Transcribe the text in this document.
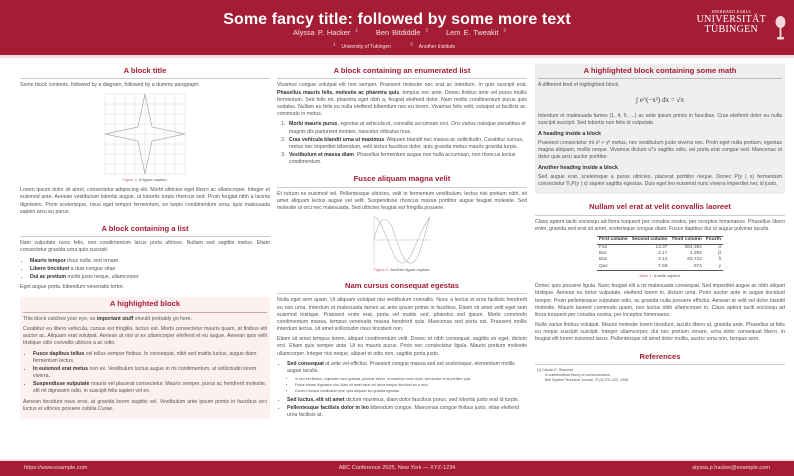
Some fancy title: followed by some more text
Alyssa P. Hacker $^1$ Ben Bitdiddle $^2$ Lem E. Tweakit $^2$
$^1$University of Tubingen $^2$Another Institute
EBERHARD KARLS
UNIVERSITÄT
TÜBINGEN
A block title

Some block contents, followed by a diagram, followed by a dummy paragraph.

Figure 1. A figure caption.

Lorem ipsum dolor sit amet, consectetur adipiscing elit. Morbi ultricies eget libero ac ullamcorper. Integer et euismod ante. Aenean vestibulum lobortis augue, ut lobortis turpis rhoncus sed. Proin feugiat nibh a lacinia dignissim. Proin scelerisque, risus eget tempor fermentum, ex turpis condimentum urna, quis malesuada sapien arcu eu purus.

A block containing a list

Nam vulputate nunc felis, non condimentum lacus porta ultrices. Nullam sed sagittis metus. Etiam consectetur gravida urna quis suscipit.

• Mauris tempor risus nulla, sed ornare
• Libero tincidunt a duis congue vitae
• Dui ac pretium morbi justo neque, ullamcorper

Eget augue porta, bibendum venenatis tortor.

A highlighted block

This block catches your eye, so important stuff should probably go here.

Curabitur eu libero vehicula, cursus est fringilla, luctus est. Morbi consectetur mauris quam, at finibus elit auctor ac. Aliquam erat volutpat. Aenean at nisl ut ex ullamcorper eleifend et eu augue. Aenean quis velit tristique odio convallis ultrices a ac odio.

• Fusce dapibus tellus vel tellus semper finibus. In consequat, nibh sed mattis luctus, augue diam fermentum lectus.
• In euismod erat metus non ex. Vestibulum luctus augue in mi condimentum, at sollicitudin lorem viverra.
• Suspendisse vulputate mauris vel placerat consectetur. Mauris semper, purus ac hendrerit molestie, elit mi dignissim odio, in suscipit felis sapien vel ex.

Aenean tincidunt risus eros, at gravida lorem sagittis vel. Vestibulum ante ipsum primis in faucibus orci luctus et ultrices posuere cubilia Curae.

A block containing an enumerated list

Vivamus congue volutpat elit non semper. Praesent molestie nec erat ac interdum. In quis suscipit erat. Phasellus mauris felis, molestie ac pharetra quis, tempus nec ante. Donec finibus ante vel purus mollis fermentum. Sed felis mi, pharetra eget nibh a, feugiat eleifend dolor. Nam mollis condimentum purus quis sodales. Nullam eu felis eu nulla eleifend bibendum nec eu lorem. Vivamus felis velit, volutpat ut facilisis ac, commodo in metus.

1. Morbi mauris purus, egestas at vehicula et, convallis accumsan orci. Orci varius natoque penatibus et magnis dis parturient montes, nascetur ridiculus mus.
2. Cras vehicula blandit urna ut maximus. Aliquam blandit nec massa ac sollicitudin. Curabitur cursus, metus nec imperdiet bibendum, velit lectus faucibus dolor, quis gravida metus mauris gravida turpis.
3. Vestibulum et massa diam. Phasellus fermentum augue non nulla accumsan, non rhoncus lectus condimentum.
Fusce aliquam magna velit

Et rutrum ex euismod vel. Pellentesque ultricies, velit in fermentum vestibulum, lectus nisi pretium nibh, sit amet aliquam lectus augue vel velit. Suspendisse rhoncus massa porttitor augue feugiat molestie. Sed molestie ut orci nec malesuada. Sed ultricies feugiat est fringilla posuere.

Figure 2. Another figure caption.
Nam cursus consequat egestas

Nulla eget sem quam. Ut aliquam volutpat nisi vestibulum convallis. Nunc a lectus et eros facilisis hendrerit eu non urna. Interdum et malesuada fames ac ante ipsum primis in faucibus. Etiam sit amet velit eget sem euismod tristique. Praesent enim erat, porta vel mattis sed, pharetra sed ipsum. Morbi commodo condimentum massa, tempus venenatis massa hendrerit quis. Maecenas sed porta est. Praesent mollis interdum lectus, sit amet sollicitudin risus tincidunt non.

Etiam sit amet tempus lorem, aliquet condimentum velit. Donec et nibh consequat, sagittis ex eget, dictum orci. Etiam quis semper ante. Ut eu mauris purus. Proin nec consectetur ligula. Mauris pretium molestie ullamcorper. Integer nisi neque, aliquet et odio non, sagittis porta justo.

• Sed consequat id ante vel efficitur. Praesent congue massa sed est scelerisque, elementum mollis augue iaculis.
• In sed est finibus, vulputate nunc gravida, pulvinar lorem. In maximus nunc dolor, sed auctor eros porttitor quis.
• Fusce ornare dignissim nisi. Nam sit amet risus vel lacus tempor tincidunt eu a arcu.
• Donec rhoncus vestibulum erat, quis aliquam leo gravida egestas.
• Sed luctus, elit sit amet dictum maximus, diam dolor faucibus purus, sed lobortis justo erat id turpis.
• Pellentesque facilisis dolor in leo bibendum congue. Maecenas congue finibus justo, vitae eleifend urna facilisis at.
A highlighted block containing some math

A different kind of highlighted block.

∫ e^(−x²) dx = √π

Interdum et malesuada fames {1, 4, 9, …} ac ante ipsum primis in faucibus. Cras eleifend dolor eu nulla suscipit suscipit. Sed lobortis non felis id vulputate.

A heading inside a block

Praesent consectetur mi x² + y² metus, nec vestibulum justo viverra nec. Proin eget nulla pretium, egestas magna aliquam, mollis neque. Vivamus dictum uᵀv sagittis odio, vel porta erat congue sed. Maecenas ut dolor quis arcu auctor porttitor.

Another heading inside a block

Sed augue erat, scelerisque a purus ultricies, placerat porttitor neque. Donec P(y | x) fermentum consectetur ∇ₓP(y | x) sapien sagittis egestas. Duis eget leo euismod nunc viverra imperdiet nec id justo.

Nullam vel erat at velit convallis laoreet

Class aptent taciti sociosqu ad litora torquent per conubia nostra, per inceptos himenaeos. Phasellus libero enim, gravida sed erat sit amet, scelerisque congue diam. Fusce dapibus dui ut augue pulvinar iaculis.

First column	Second column	Third column	Fourth
Foo	13.37	384,394	α
Bar	2.17	1,392	β
Baz	3.14	83,742	δ
Qux	7.59	974	γ
Table 1. A table caption.

Donec quis posuere ligula. Nunc feugiat elit a mi malesuada consequat. Sed imperdiet augue ac nibh aliquet tristique. Aenean eu tortor vulputate, eleifend lorem in, dictum urna. Proin auctor ante in augue tincidunt tempor. Proin pellentesque vulputate odio, ac gravida nulla posuere efficitur. Aenean at velit vel dolor blandit molestie. Mauris laoreet commodo quam, non luctus nibh ullamcorper in. Class aptent taciti sociosqu ad litora torquent per conubia nostra, per inceptos himenaeos.

Nulla varius finibus volutpat. Mauris molestie lorem tincidunt, iaculis libero at, gravida ante. Phasellus at felis eu neque suscipit suscipit. Integer ullamcorper, dui nec pretium ornare, urna dolor consequat libero, in feugiat elit lorem euismod lacus. Pellentesque sit amet dolor mollis, auctor urna non, tempus sem.

References
[1] Claude E. Shannon.
A mathematical theory of communication.
Bell System Technical Journal, 27(3):379–423, 1948.
https://www.example.com	ABC Conference 2025, New York — XYZ-1234	alyssa.p.hacker@example.com
